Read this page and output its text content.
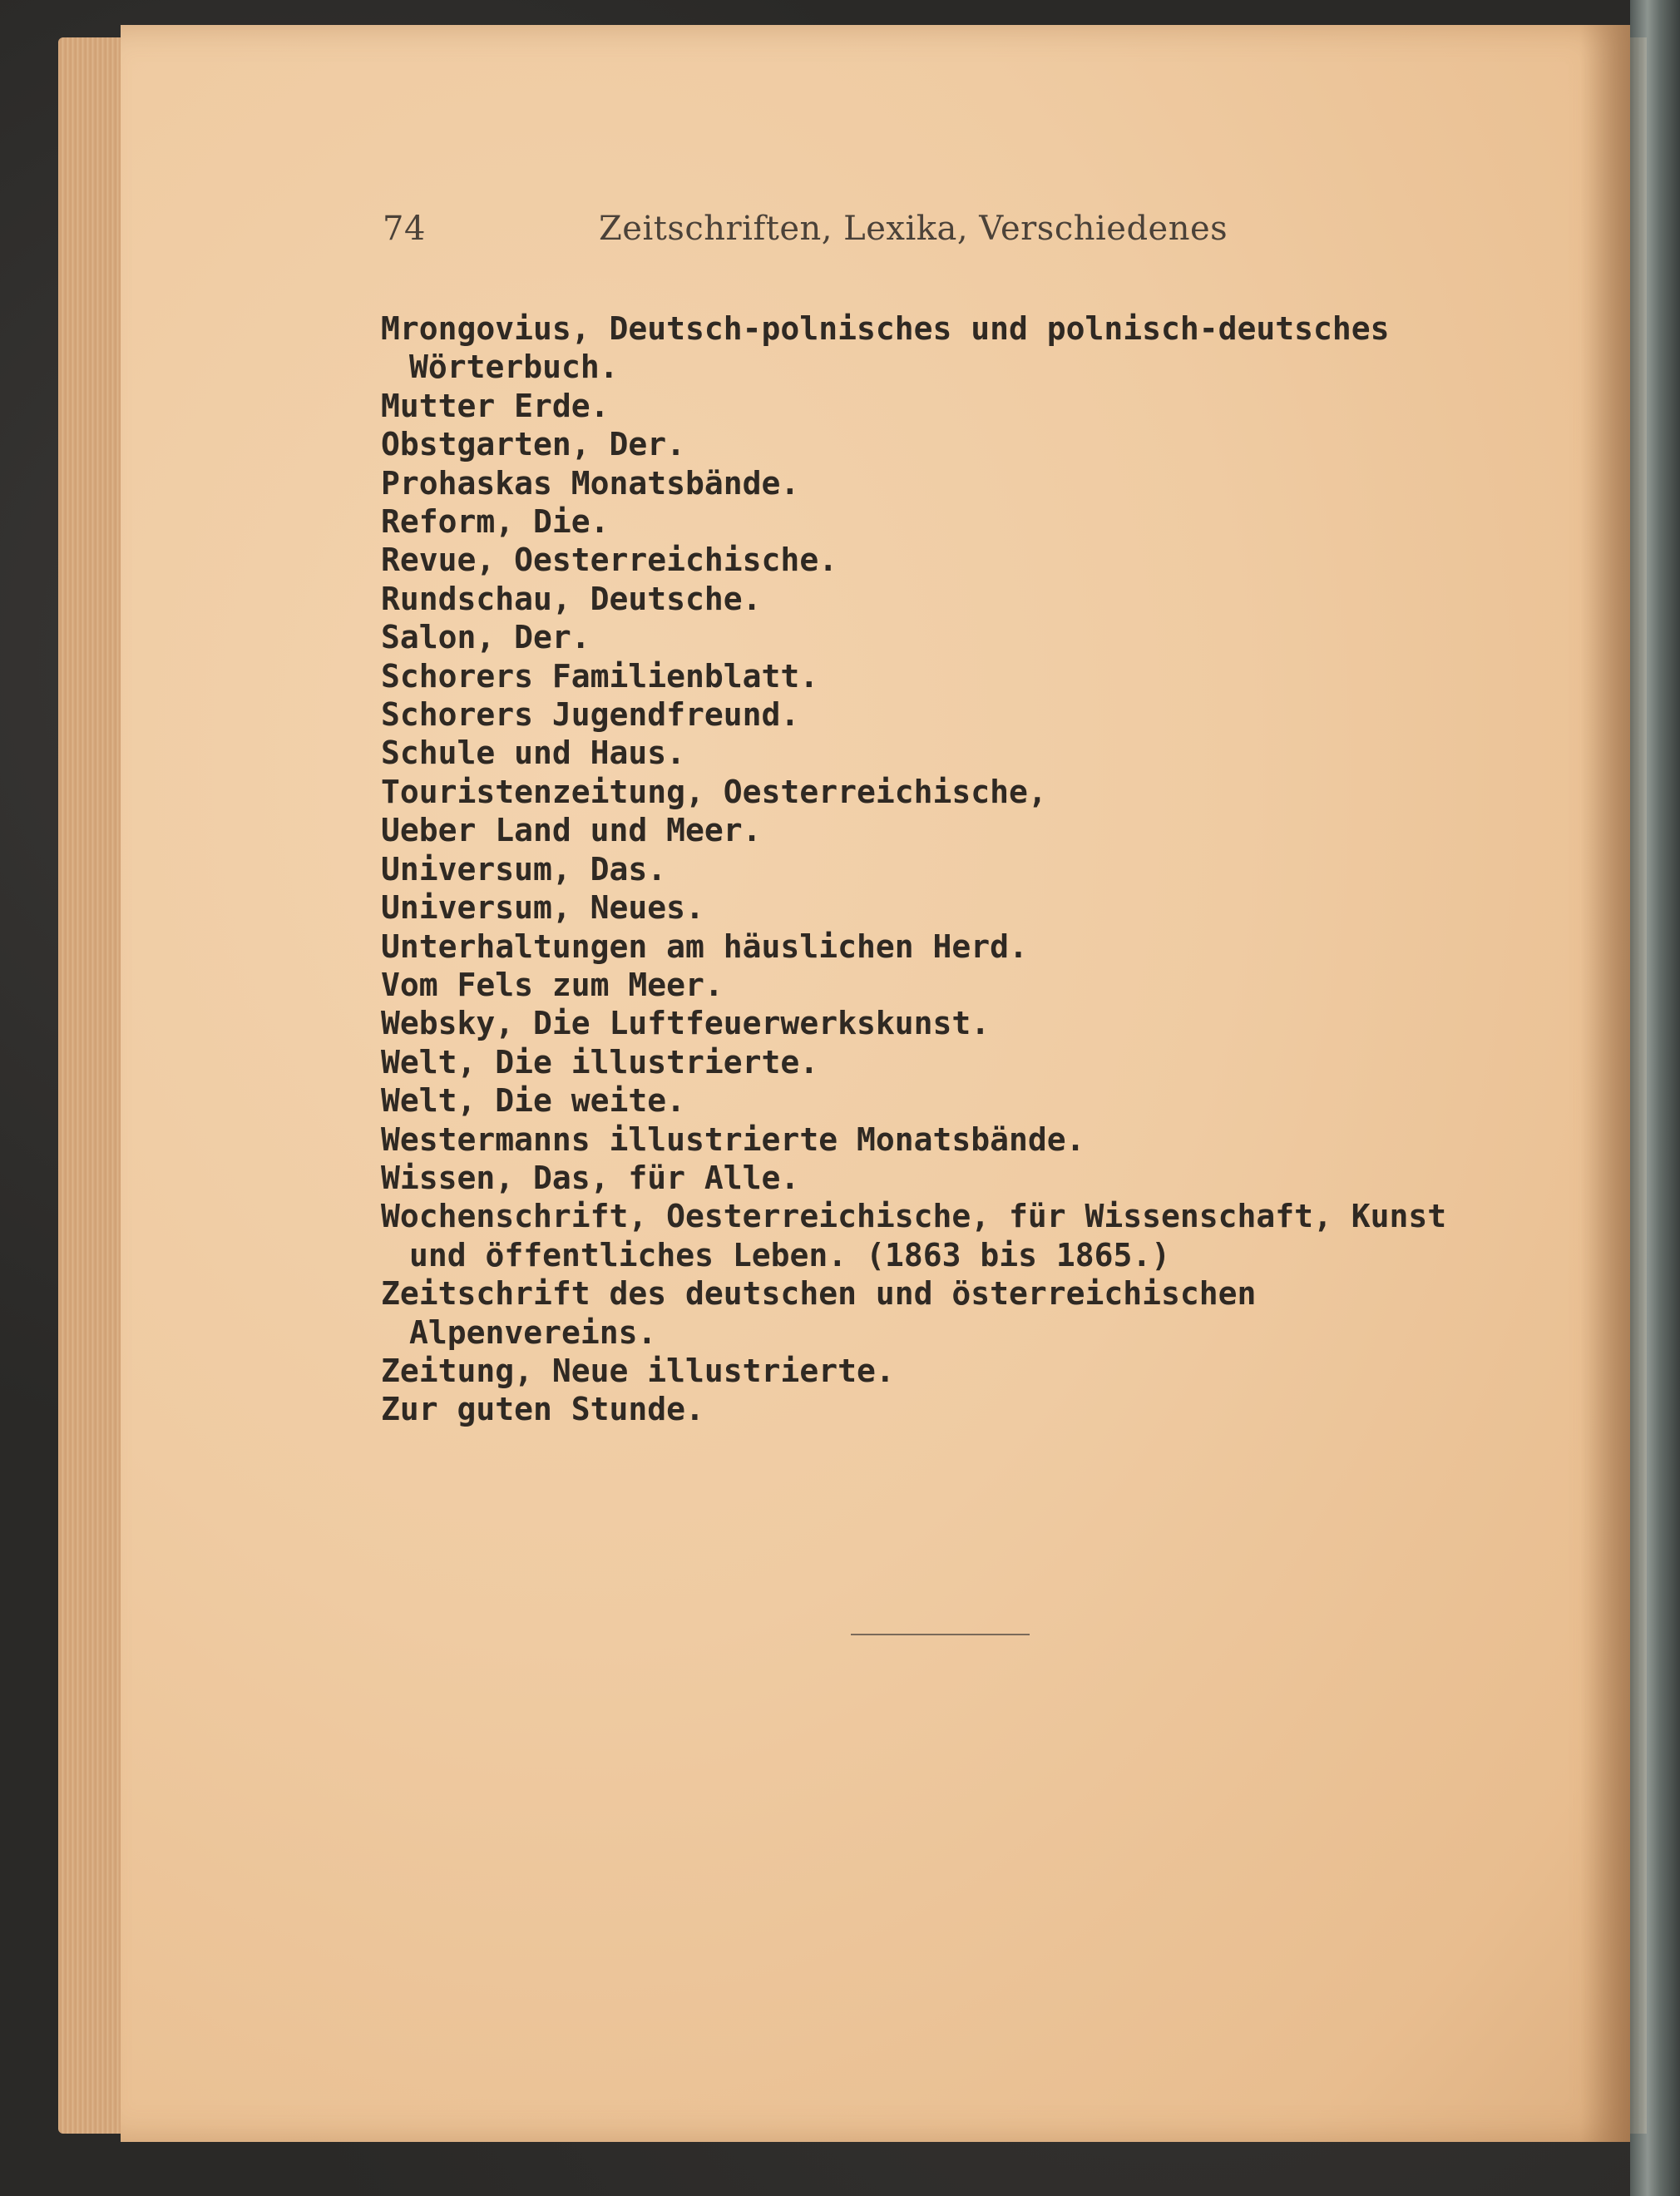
74	Zeitschriften, Lexika, Verschiedenes

Mrongovius, Deutsch-polnisches und polnisch-deutsches Wörterbuch.

Mutter Erde.

Obstgarten, Der.

Prohaskas Monatsbände.

Reform, Die.

Revue, Oesterreichische.

Rundschau, Deutsche.

Salon, Der.

Schorers Familienblatt.

Schorers Jugendfreund.

Schule und Haus.

Touristenzeitung, Oesterreichische,

Ueber Land und Meer.

Universum, Das.

Universum, Neues.

Unterhaltungen am häuslichen Herd.

Vom Fels zum Meer.

Websky, Die Luftfeuerwerkskunst.

Welt, Die illustrierte.

Welt, Die weite.

Westermanns illustrierte Monatsbände.

Wissen, Das, für Alle.

Wochenschrift, Oesterreichische, für Wissenschaft, Kunst und öffentliches Leben. (1863 bis 1865.)

Zeitschrift des deutschen und österreichischen Alpenvereins.

Zeitung, Neue illustrierte.

Zur guten Stunde.
